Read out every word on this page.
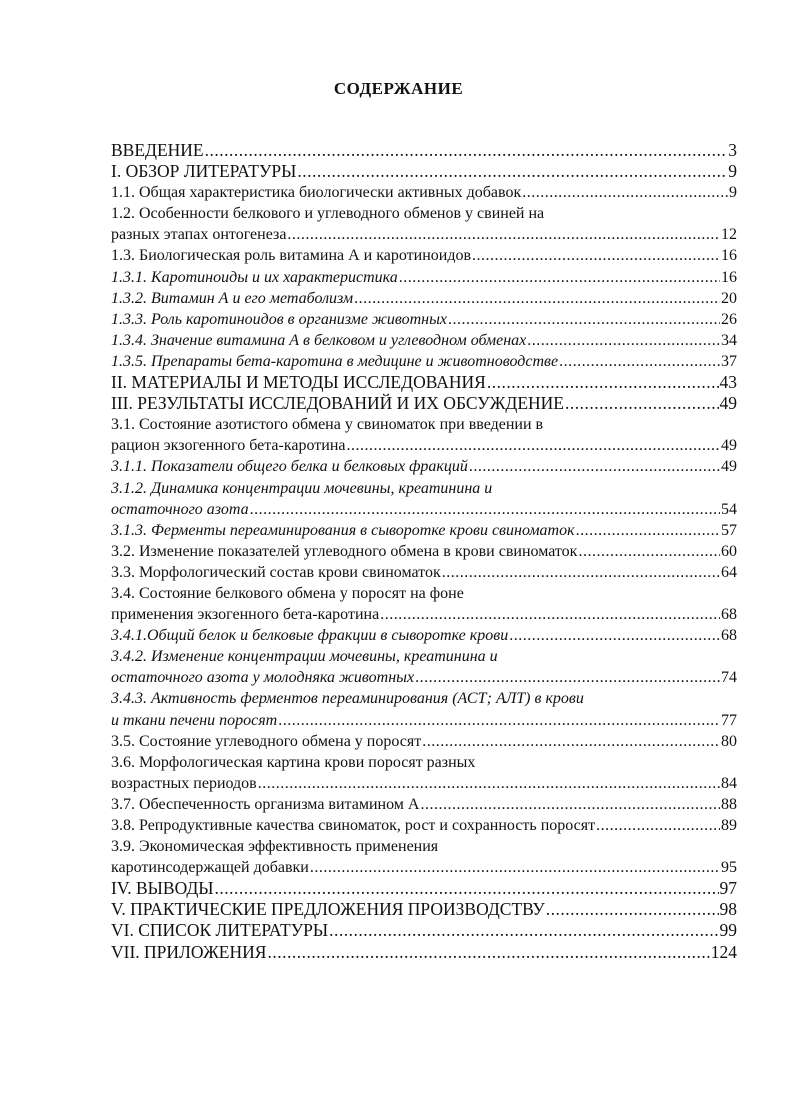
СОДЕРЖАНИЕ
ВВЕДЕНИЕ .....	3
I. ОБЗОР ЛИТЕРАТУРЫ .....	9
1.1. Общая характеристика биологически активных добавок .....	9
1.2. Особенности белкового и углеводного обменов у свиней на
разных этапах онтогенеза .....	12
1.3. Биологическая роль витамина А и каротиноидов .....	16
1.3.1. Каротиноиды и их характеристика .....	16
1.3.2. Витамин А и его метаболизм .....	20
1.3.3. Роль каротиноидов в организме животных .....	26
1.3.4. Значение витамина А в белковом и углеводном обменах .....	34
1.3.5. Препараты бета-каротина в медицине и животноводстве .....	37
II. МАТЕРИАЛЫ И МЕТОДЫ ИССЛЕДОВАНИЯ .....	43
III. РЕЗУЛЬТАТЫ ИССЛЕДОВАНИЙ И ИХ ОБСУЖДЕНИЕ .....	49
3.1. Состояние азотистого обмена у свиноматок при введении в
рацион экзогенного бета-каротина .....	49
3.1.1. Показатели общего белка и белковых фракций .....	49
3.1.2. Динамика концентрации мочевины, креатинина и
остаточного азота .....	54
3.1.3. Ферменты переаминирования в сыворотке крови свиноматок .....	57
3.2. Изменение показателей углеводного обмена в крови свиноматок .....	60
3.3. Морфологический состав крови свиноматок .....	64
3.4. Состояние белкового обмена у поросят на фоне
применения экзогенного бета-каротина .....	68
3.4.1.Общий белок и белковые фракции в сыворотке крови .....	68
3.4.2. Изменение концентрации мочевины, креатинина и
остаточного азота у молодняка животных .....	74
3.4.3. Активность ферментов переаминирования (АСТ; АЛТ) в крови
и ткани печени поросят .....	77
3.5. Состояние углеводного обмена у поросят .....	80
3.6. Морфологическая картина крови поросят разных
возрастных периодов .....	84
3.7. Обеспеченность организма витамином А .....	88
3.8. Репродуктивные качества свиноматок, рост и сохранность поросят .....	89
3.9. Экономическая эффективность применения
каротинсодержащей добавки .....	95
IV. ВЫВОДЫ .....	97
V. ПРАКТИЧЕСКИЕ ПРЕДЛОЖЕНИЯ ПРОИЗВОДСТВУ .....	98
VI. СПИСОК ЛИТЕРАТУРЫ .....	99
VII. ПРИЛОЖЕНИЯ .....	124
